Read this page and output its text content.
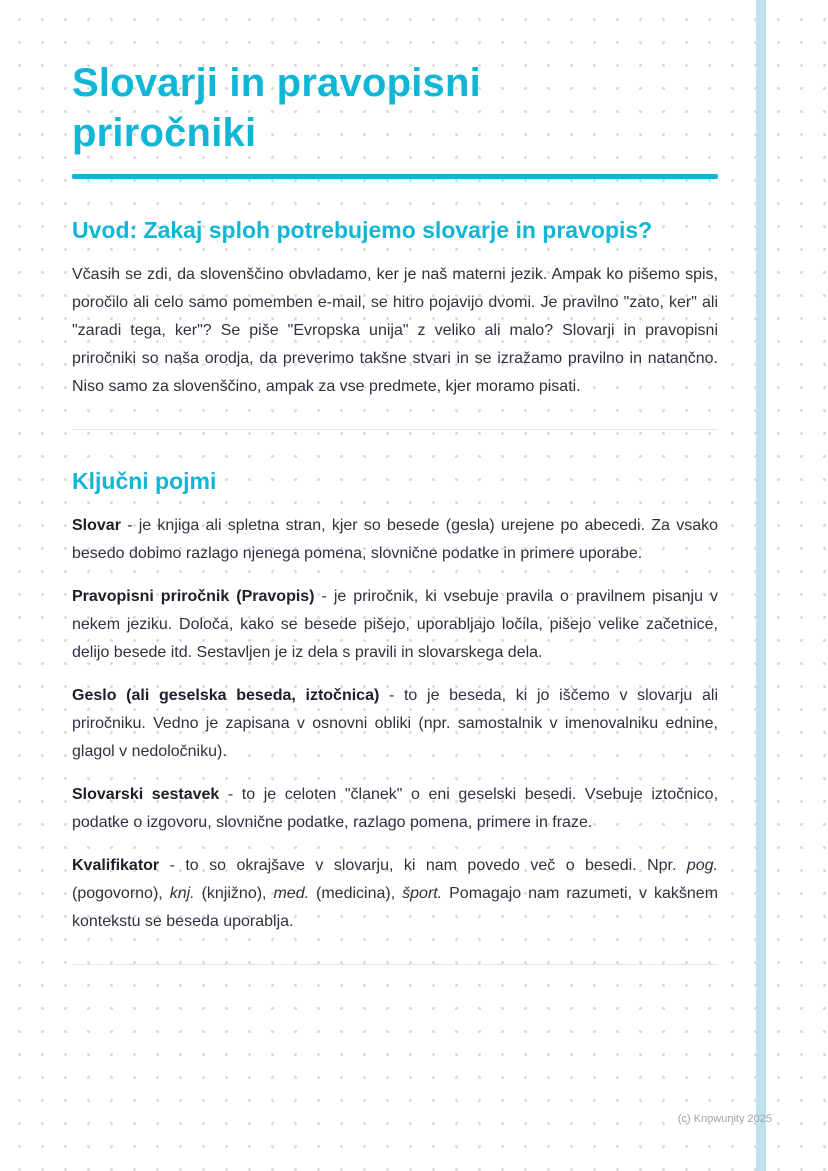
Slovarji in pravopisni
priročniki
Uvod: Zakaj sploh potrebujemo slovarje in pravopis?

Včasih se zdi, da slovenščino obvladamo, ker je naš materni jezik. Ampak ko pišemo spis, poročilo ali celo samo pomemben e-mail, se hitro pojavijo dvomi. Je pravilno "zato, ker" ali "zaradi tega, ker"? Se piše "Evropska unija" z veliko ali malo? Slovarji in pravopisni priročniki so naša orodja, da preverimo takšne stvari in se izražamo pravilno in natančno. Niso samo za slovenščino, ampak za vse predmete, kjer moramo pisati.

Ključni pojmi

Slovar - je knjiga ali spletna stran, kjer so besede (gesla) urejene po abecedi. Za vsako besedo dobimo razlago njenega pomena, slovnične podatke in primere uporabe.

Pravopisni priročnik (Pravopis) - je priročnik, ki vsebuje pravila o pravilnem pisanju v nekem jeziku. Določa, kako se besede pišejo, uporabljajo ločila, pišejo velike začetnice, delijo besede itd. Sestavljen je iz dela s pravili in slovarskega dela.

Geslo (ali geselska beseda, iztočnica) - to je beseda, ki jo iščemo v slovarju ali priročniku. Vedno je zapisana v osnovni obliki (npr. samostalnik v imenovalniku ednine, glagol v nedoločniku).

Slovarski sestavek - to je celoten "članek" o eni geselski besedi. Vsebuje iztočnico, podatke o izgovoru, slovnične podatke, razlago pomena, primere in fraze.

Kvalifikator - to so okrajšave v slovarju, ki nam povedo več o besedi. Npr. pog. (pogovorno), knj. (knjižno), med. (medicina), šport. Pomagajo nam razumeti, v kakšnem kontekstu se beseda uporablja.

(c) Knowunity 2025
